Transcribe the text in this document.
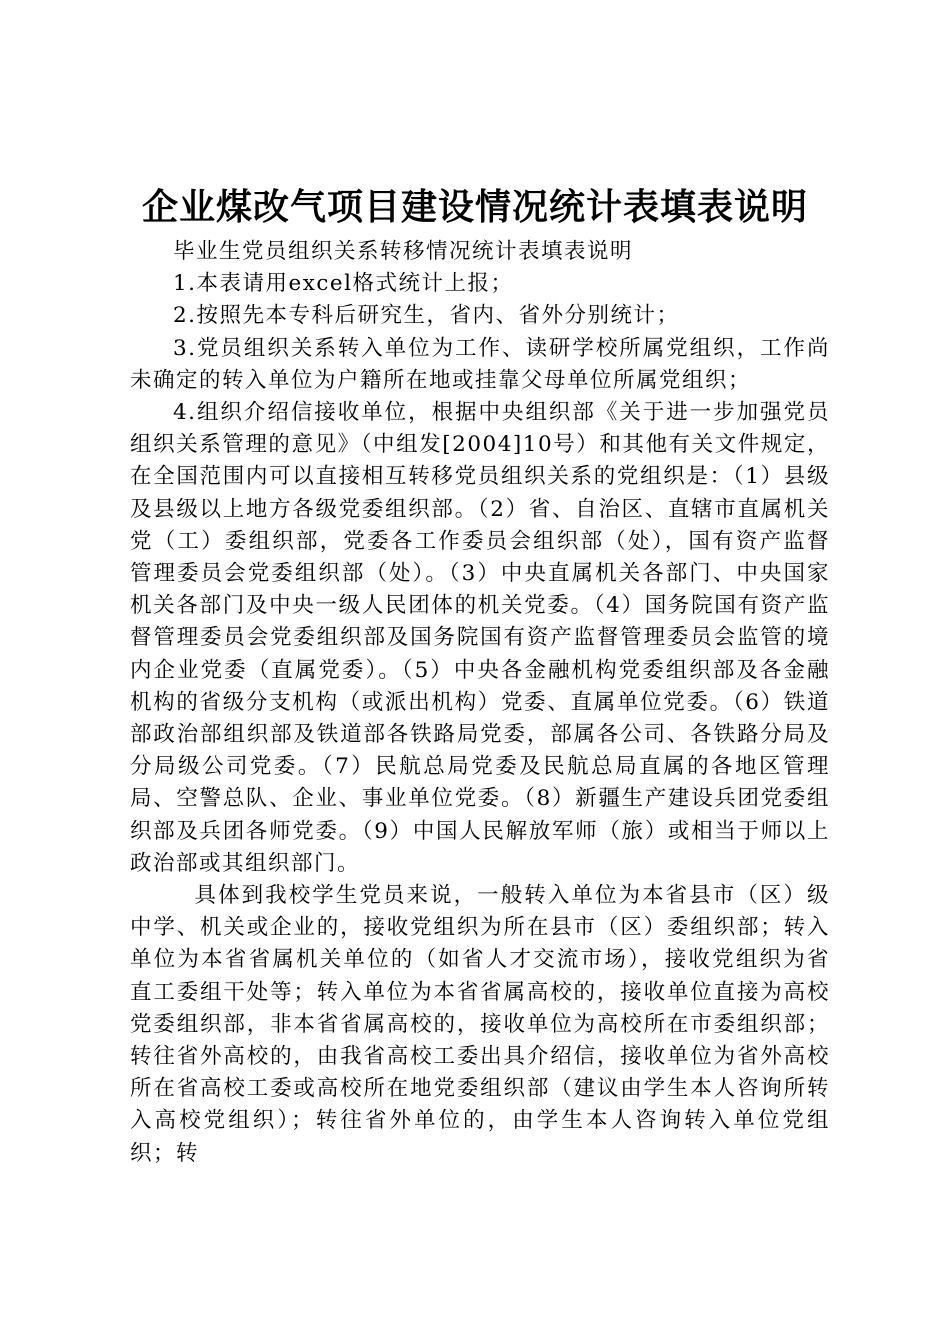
企业煤改气项目建设情况统计表填表说明

毕业生党员组织关系转移情况统计表填表说明

1.本表请用excel格式统计上报；

2.按照先本专科后研究生，省内、省外分别统计；

3.党员组织关系转入单位为工作、读研学校所属党组织，工作尚未确定的转入单位为户籍所在地或挂靠父母单位所属党组织；

4.组织介绍信接收单位，根据中央组织部《关于进一步加强党员组织关系管理的意见》（中组发[2004]10号）和其他有关文件规定，在全国范围内可以直接相互转移党员组织关系的党组织是：（1）县级及县级以上地方各级党委组织部。（2）省、自治区、直辖市直属机关党（工）委组织部，党委各工作委员会组织部（处），国有资产监督管理委员会党委组织部（处）。（3）中央直属机关各部门、中央国家机关各部门及中央一级人民团体的机关党委。（4）国务院国有资产监督管理委员会党委组织部及国务院国有资产监督管理委员会监管的境内企业党委（直属党委）。（5）中央各金融机构党委组织部及各金融机构的省级分支机构（或派出机构）党委、直属单位党委。（6）铁道部政治部组织部及铁道部各铁路局党委，部属各公司、各铁路分局及分局级公司党委。（7）民航总局党委及民航总局直属的各地区管理局、空警总队、企业、事业单位党委。（8）新疆生产建设兵团党委组织部及兵团各师党委。（9）中国人民解放军师（旅）或相当于师以上政治部或其组织部门。

具体到我校学生党员来说，一般转入单位为本省县市（区）级中学、机关或企业的，接收党组织为所在县市（区）委组织部；转入单位为本省省属机关单位的（如省人才交流市场），接收党组织为省直工委组干处等；转入单位为本省省属高校的，接收单位直接为高校党委组织部，非本省省属高校的，接收单位为高校所在市委组织部；转往省外高校的，由我省高校工委出具介绍信，接收单位为省外高校所在省高校工委或高校所在地党委组织部（建议由学生本人咨询所转入高校党组织）；转往省外单位的，由学生本人咨询转入单位党组织；转
